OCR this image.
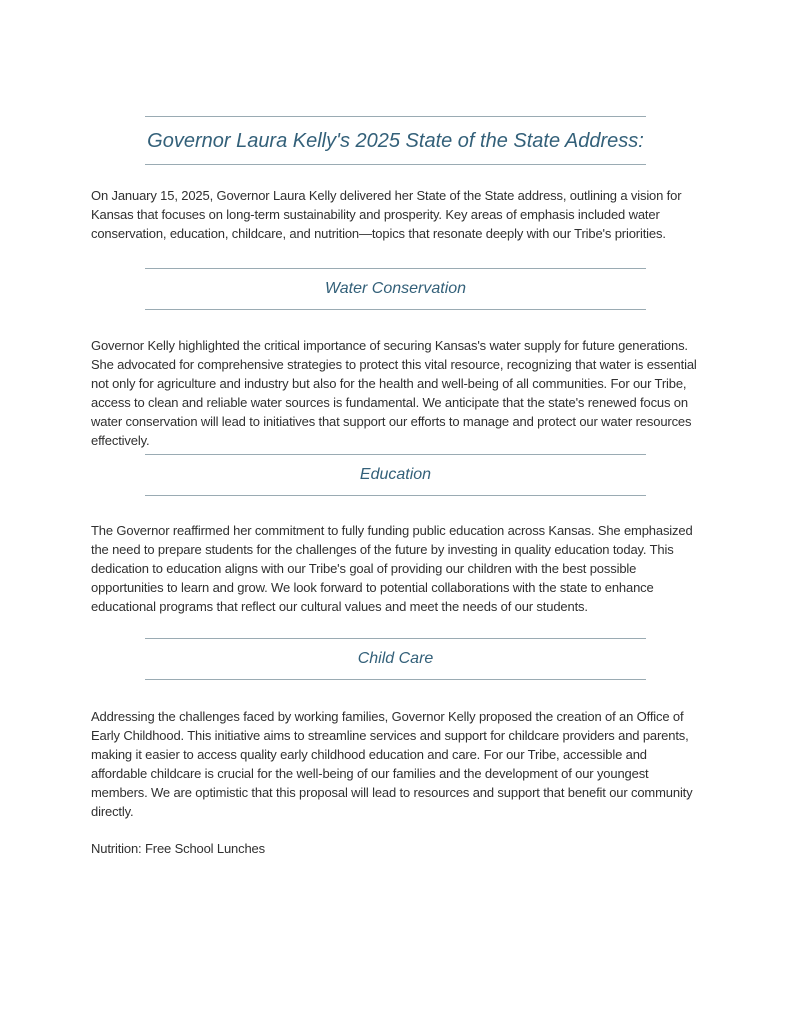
Governor Laura Kelly's 2025 State of the State Address:

On January 15, 2025, Governor Laura Kelly delivered her State of the State address, outlining a vision for Kansas that focuses on long-term sustainability and prosperity. Key areas of emphasis included water conservation, education, childcare, and nutrition—topics that resonate deeply with our Tribe's priorities.

Water Conservation

Governor Kelly highlighted the critical importance of securing Kansas's water supply for future generations. She advocated for comprehensive strategies to protect this vital resource, recognizing that water is essential not only for agriculture and industry but also for the health and well-being of all communities. For our Tribe, access to clean and reliable water sources is fundamental. We anticipate that the state's renewed focus on water conservation will lead to initiatives that support our efforts to manage and protect our water resources effectively.

Education

The Governor reaffirmed her commitment to fully funding public education across Kansas. She emphasized the need to prepare students for the challenges of the future by investing in quality education today. This dedication to education aligns with our Tribe's goal of providing our children with the best possible opportunities to learn and grow. We look forward to potential collaborations with the state to enhance educational programs that reflect our cultural values and meet the needs of our students.

Child Care

Addressing the challenges faced by working families, Governor Kelly proposed the creation of an Office of Early Childhood. This initiative aims to streamline services and support for childcare providers and parents, making it easier to access quality early childhood education and care. For our Tribe, accessible and affordable childcare is crucial for the well-being of our families and the development of our youngest members. We are optimistic that this proposal will lead to resources and support that benefit our community directly.

Nutrition: Free School Lunches
